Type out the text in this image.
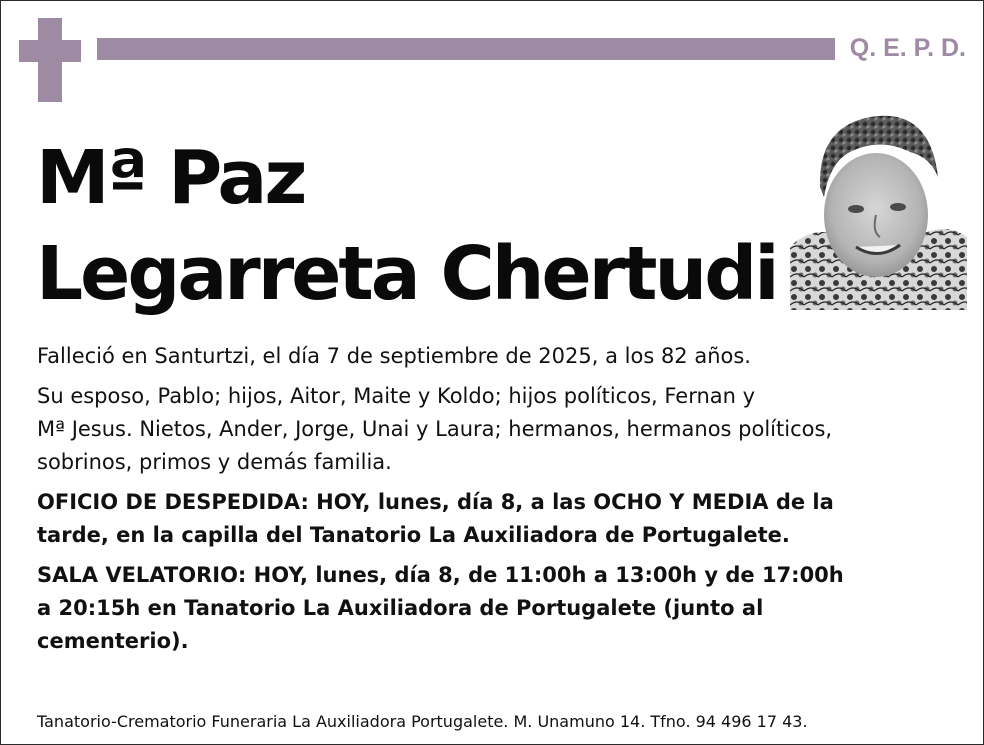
Q. E. P. D.
Mª Paz
Legarreta Chertudi

Falleció en Santurtzi, el día 7 de septiembre de 2025, a los 82 años.

Su esposo, Pablo; hijos, Aitor, Maite y Koldo; hijos políticos, Fernan y
Mª Jesus. Nietos, Ander, Jorge, Unai y Laura; hermanos, hermanos políticos,
sobrinos, primos y demás familia.

OFICIO DE DESPEDIDA: HOY, lunes, día 8, a las OCHO Y MEDIA de la
tarde, en la capilla del Tanatorio La Auxiliadora de Portugalete.

SALA VELATORIO: HOY, lunes, día 8, de 11:00h a 13:00h y de 17:00h
a 20:15h en Tanatorio La Auxiliadora de Portugalete (junto al
cementerio).

Tanatorio-Crematorio Funeraria La Auxiliadora Portugalete. M. Unamuno 14. Tfno. 94 496 17 43.
